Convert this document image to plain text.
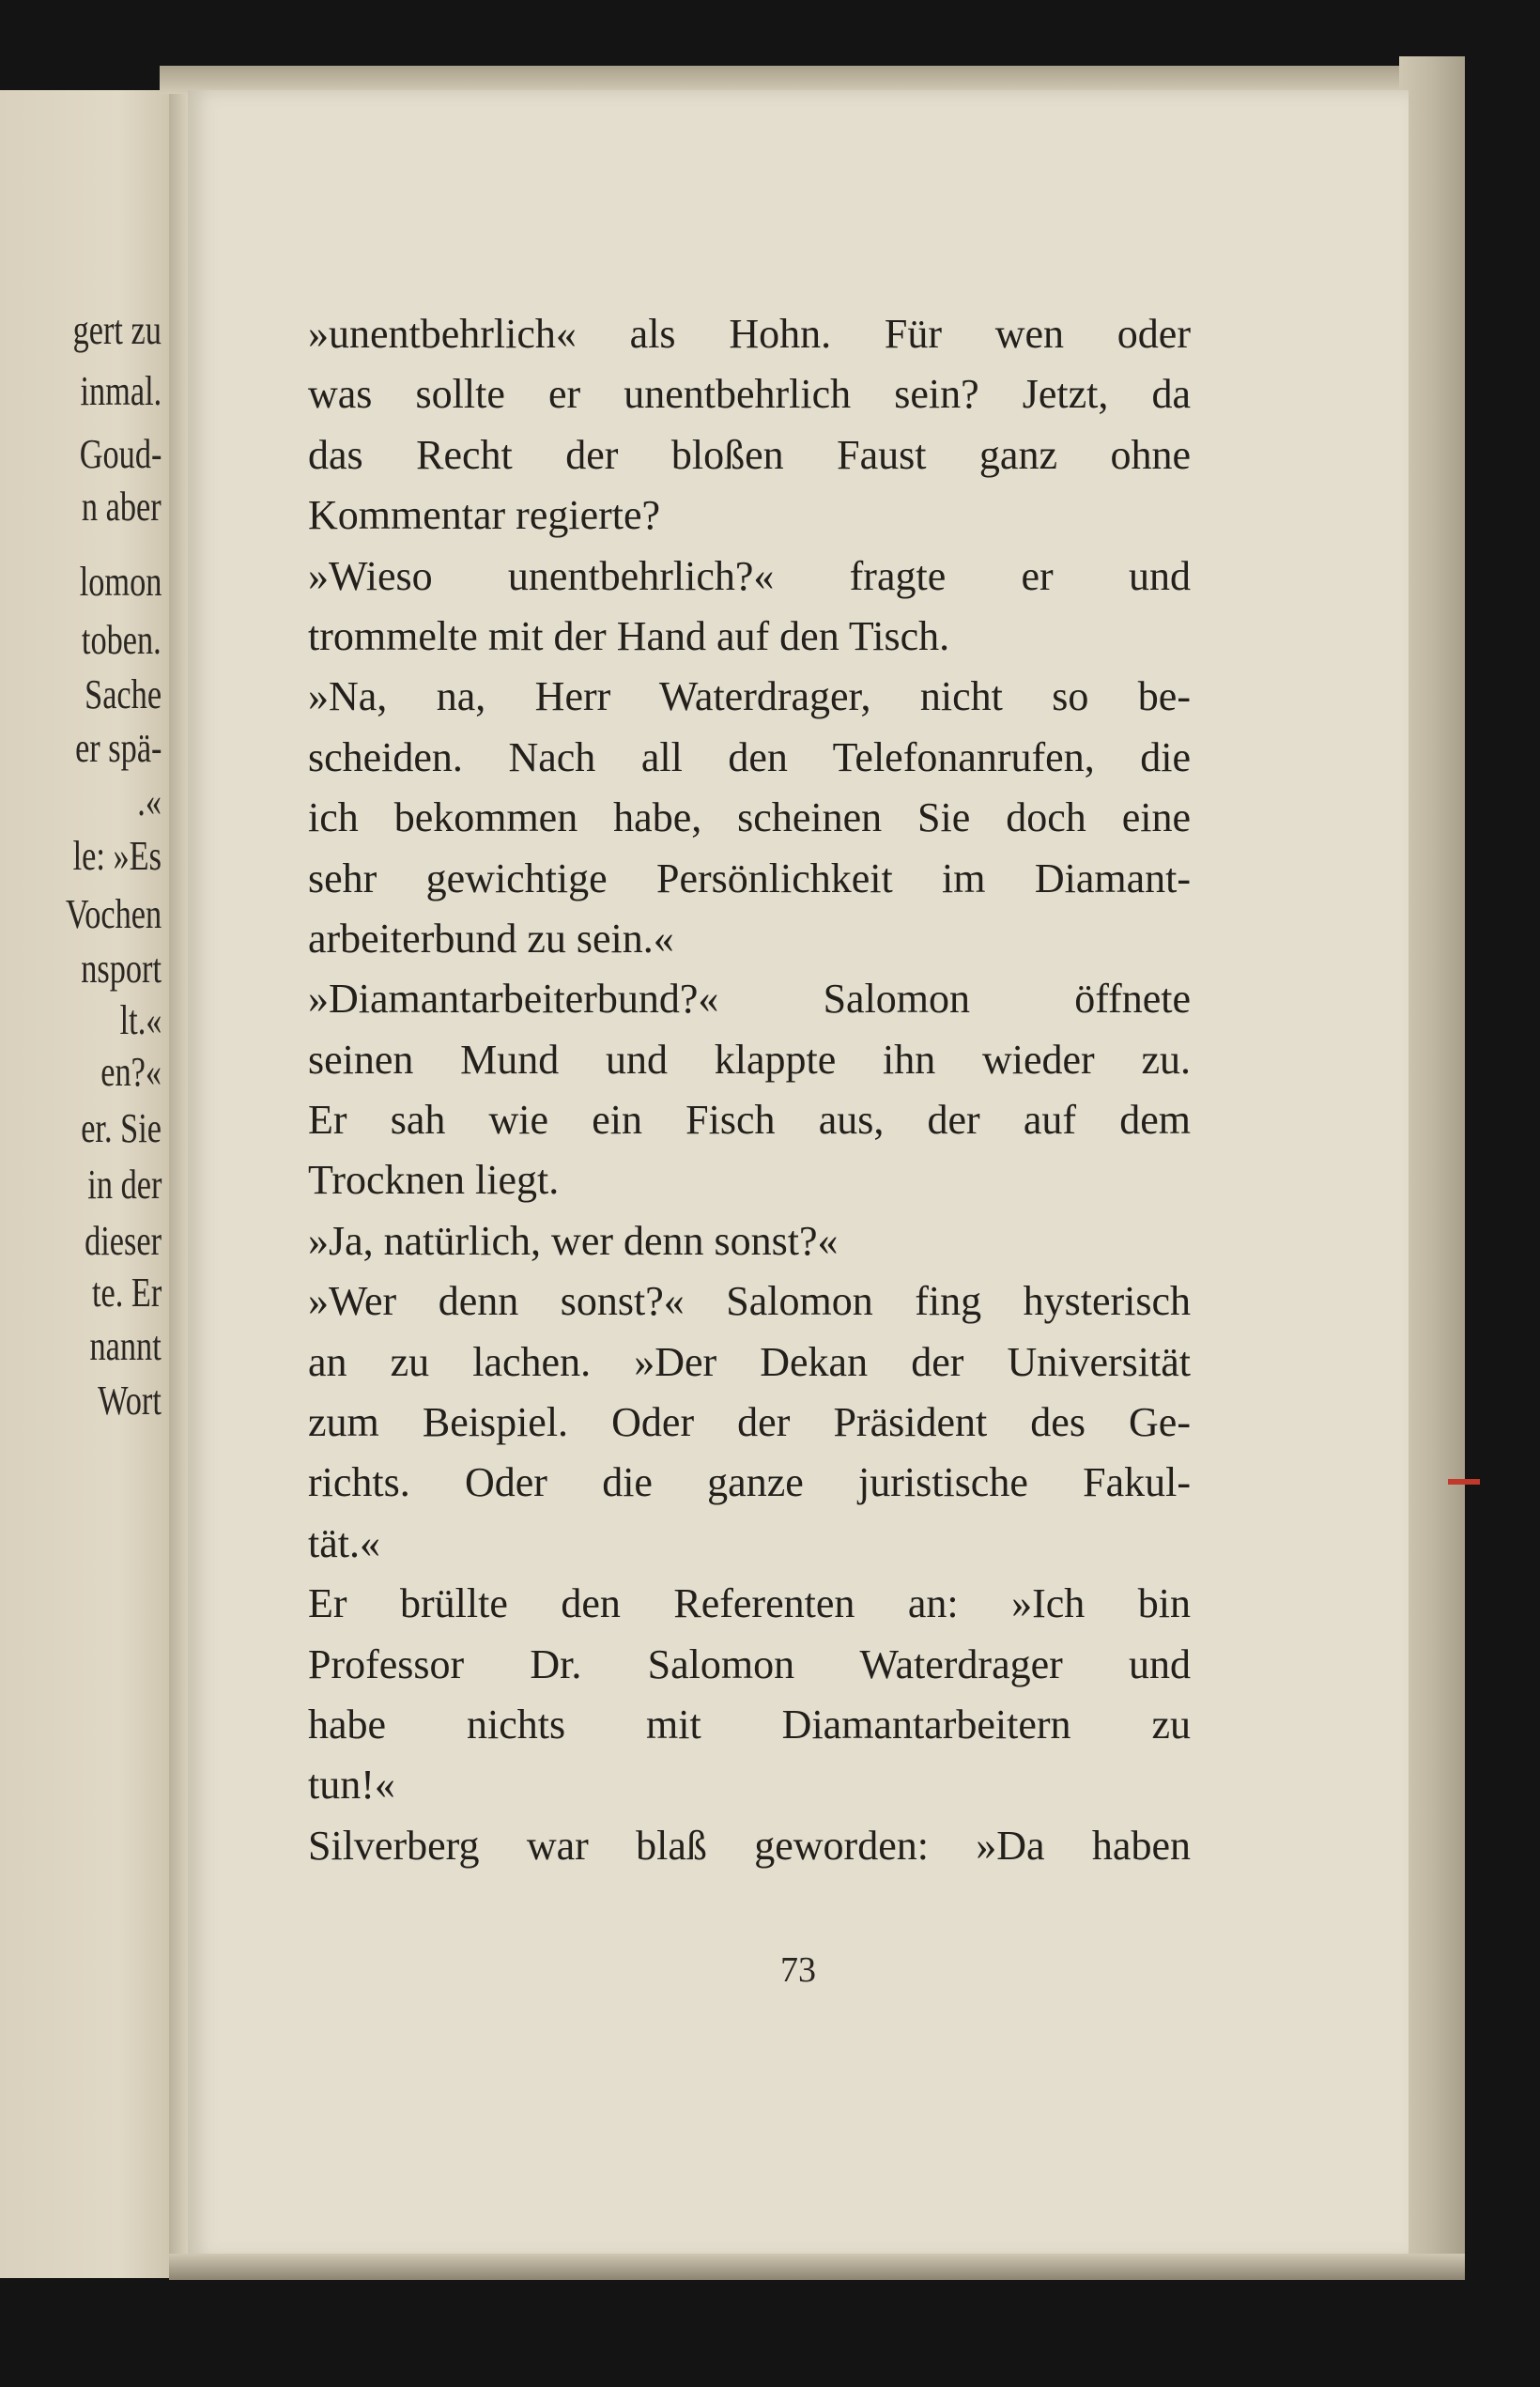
gert zu
inmal.
Goud-
n aber
lomon
toben.
Sache
er spä-
.«
le: »Es
Vochen
nsport
lt.«
en?«
er. Sie
in der
dieser
te. Er
nannt
Wort
»unentbehrlich« als Hohn. Für wen oder
was sollte er unentbehrlich sein? Jetzt, da
das Recht der bloßen Faust ganz ohne
Kommentar regierte?
»Wieso unentbehrlich?« fragte er und
trommelte mit der Hand auf den Tisch.
»Na, na, Herr Waterdrager, nicht so be-
scheiden. Nach all den Telefonanrufen, die
ich bekommen habe, scheinen Sie doch eine
sehr gewichtige Persönlichkeit im Diamant-
arbeiterbund zu sein.«
»Diamantarbeiterbund?« Salomon öffnete
seinen Mund und klappte ihn wieder zu.
Er sah wie ein Fisch aus, der auf dem
Trocknen liegt.
»Ja, natürlich, wer denn sonst?«
»Wer denn sonst?« Salomon fing hysterisch
an zu lachen. »Der Dekan der Universität
zum Beispiel. Oder der Präsident des Ge-
richts. Oder die ganze juristische Fakul-
tät.«
Er brüllte den Referenten an: »Ich bin
Professor Dr. Salomon Waterdrager und
habe nichts mit Diamantarbeitern zu
tun!«
Silverberg war blaß geworden: »Da haben
73
